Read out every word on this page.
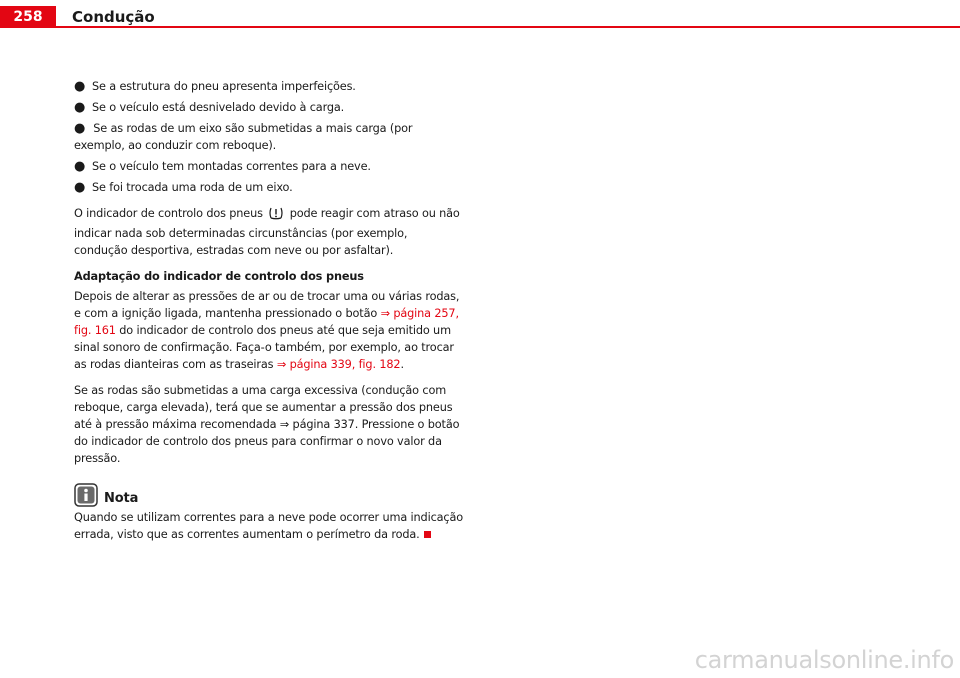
258	Condução
● Se a estrutura do pneu apresenta imperfeições.
● Se o veículo está desnivelado devido à carga.
● Se as rodas de um eixo são submetidas a mais carga (por exemplo, ao conduzir com reboque).
● Se o veículo tem montadas correntes para a neve.
● Se foi trocada uma roda de um eixo.

O indicador de controlo dos pneus  pode reagir com atraso ou não indicar nada sob determinadas circunstâncias (por exemplo, condução desportiva, estradas com neve ou por asfaltar).

Adaptação do indicador de controlo dos pneus

Depois de alterar as pressões de ar ou de trocar uma ou várias rodas, e com a ignição ligada, mantenha pressionado o botão ⇒ página 257, fig. 161 do indicador de controlo dos pneus até que seja emitido um sinal sonoro de confirmação. Faça-o também, por exemplo, ao trocar as rodas dianteiras com as traseiras ⇒ página 339, fig. 182.

Se as rodas são submetidas a uma carga excessiva (condução com reboque, carga elevada), terá que se aumentar a pressão dos pneus até à pressão máxima recomendada ⇒ página 337. Pressione o botão do indicador de controlo dos pneus para confirmar o novo valor da pressão.

Nota

Quando se utilizam correntes para a neve pode ocorrer uma indicação errada, visto que as correntes aumentam o perímetro da roda.

carmanualsonline.info
